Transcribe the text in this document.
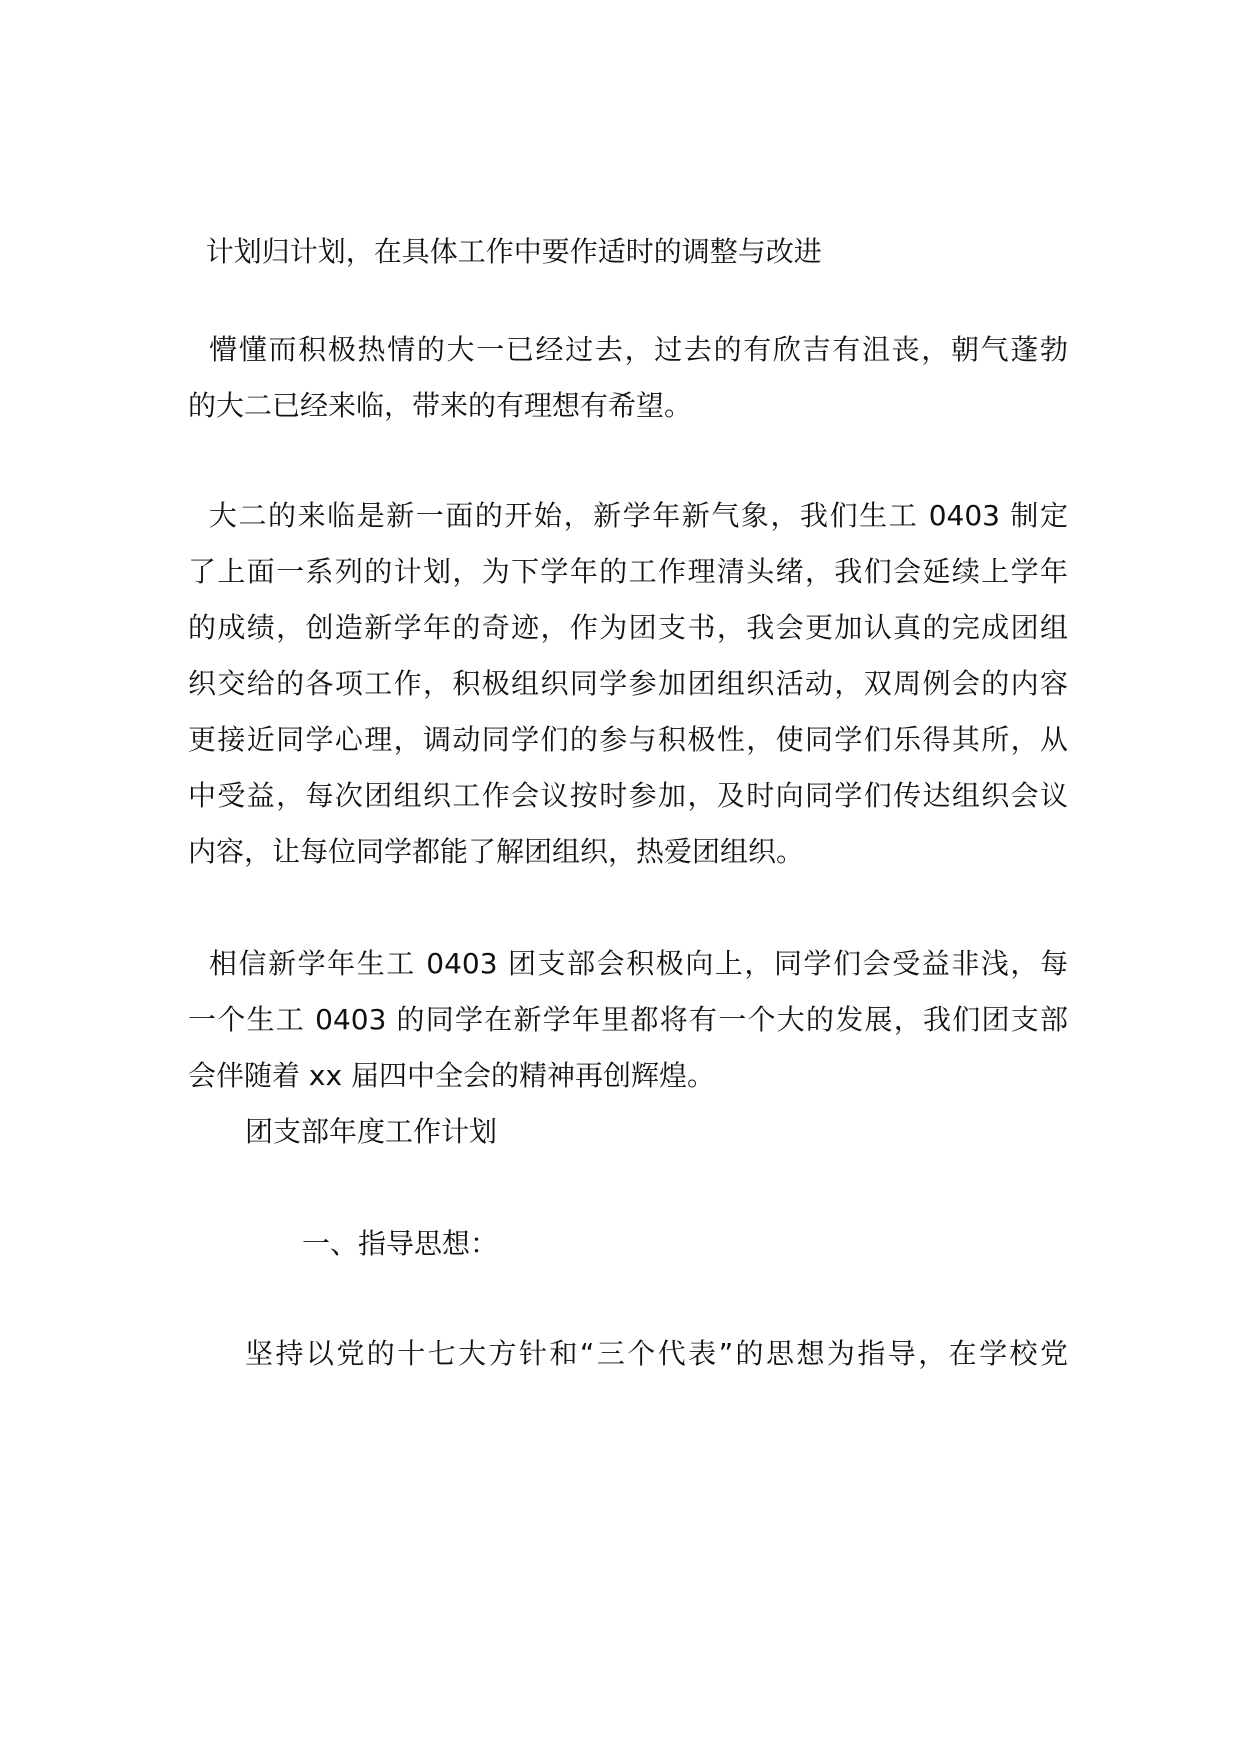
计划归计划，在具体工作中要作适时的调整与改进
懵懂而积极热情的大一已经过去，过去的有欣吉有沮丧，朝气蓬勃
的大二已经来临，带来的有理想有希望。
大二的来临是新一面的开始，新学年新气象，我们生工 0403 制定
了上面一系列的计划，为下学年的工作理清头绪，我们会延续上学年
的成绩，创造新学年的奇迹，作为团支书，我会更加认真的完成团组
织交给的各项工作，积极组织同学参加团组织活动，双周例会的内容
更接近同学心理，调动同学们的参与积极性，使同学们乐得其所，从
中受益，每次团组织工作会议按时参加，及时向同学们传达组织会议
内容，让每位同学都能了解团组织，热爱团组织。
相信新学年生工 0403 团支部会积极向上，同学们会受益非浅，每
一个生工 0403 的同学在新学年里都将有一个大的发展，我们团支部
会伴随着 xx 届四中全会的精神再创辉煌。
团支部年度工作计划
一、指导思想：
坚持以党的十七大方针和“三个代表”的思想为指导，在学校党
